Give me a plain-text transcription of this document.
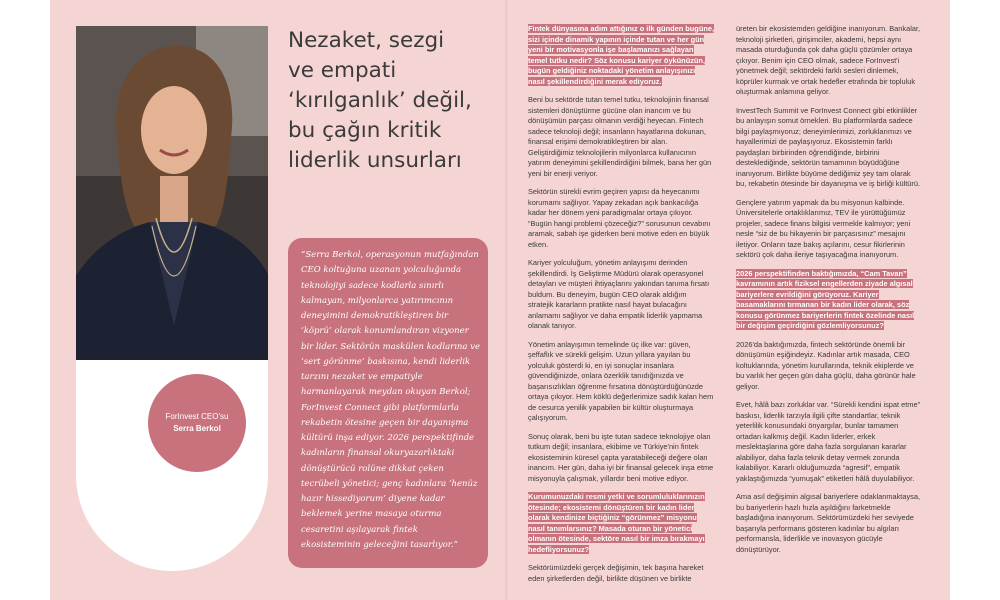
ForInvest CEO'su
Serra Berkol
Nezaket, sezgi
ve empati
‘kırılganlık’ değil,
bu çağın kritik
liderlik unsurları
“Serra Berkol, operasyonun mutfağından CEO koltuğuna uzanan yolculuğunda teknolojiyi sadece kodlarla sınırlı kalmayan, milyonlarca yatırımcının deneyimini demokratikleştiren bir ‘köprü’ olarak konumlandıran vizyoner bir lider. Sektörün maskülen kodlarına ve ‘sert görünme’ baskısına, kendi liderlik tarzını nezaket ve empatiyle harmanlayarak meydan okuyan Berkol; ForInvest Connect gibi platformlarla rekabetin ötesine geçen bir dayanışma kültürü inşa ediyor. 2026 perspektifinde kadınların finansal okuryazarlıktaki dönüştürücü rolüne dikkat çeken tecrübeli yönetici; genç kadınlara ‘henüz hazır hissediyorum’ diyene kadar beklemek yerine masaya oturma cesaretini aşılayarak fintek ekosisteminin geleceğini tasarlıyor.”

Fintek dünyasına adım attığınız o ilk günden bugüne, sizi içinde dinamik yapının içinde tutan ve her gün yeni bir motivasyonla işe başlamanızı sağlayan temel tutku nedir? Söz konusu kariyer öykünüzün, bugün geldiğiniz noktadaki yönetim anlayışınızı nasıl şekillendirdiğini merak ediyoruz.

Beni bu sektörde tutan temel tutku, teknolojinin finansal sistemleri dönüştürme gücüne olan inancım ve bu dönüşümün parçası olmanın verdiği heyecan. Fintech sadece teknoloji değil; insanların hayatlarına dokunan, finansal erişimi demokratikleştiren bir alan. Geliştirdiğimiz teknolojilerin milyonlarca kullanıcının yatırım deneyimini şekillendirdiğini bilmek, bana her gün yeni bir enerji veriyor.

Sektörün sürekli evrim geçiren yapısı da heyecanımı korumamı sağlıyor. Yapay zekadan açık bankacılığa kadar her dönem yeni paradigmalar ortaya çıkıyor. “Bugün hangi problemi çözeceğiz?” sorusunun cevabını aramak, sabah işe giderken beni motive eden en büyük etken.

Kariyer yolculuğum, yönetim anlayışımı derinden şekillendirdi. İş Geliştirme Müdürü olarak operasyonel detayları ve müşteri ihtiyaçlarını yakından tanıma fırsatı buldum. Bu deneyim, bugün CEO olarak aldığım stratejik kararların pratikte nasıl hayat bulacağını anlamamı sağlıyor ve daha empatik liderlik yapmama olanak tanıyor.

Yönetim anlayışımın temelinde üç ilke var: güven, şeffaflık ve sürekli gelişim. Uzun yıllara yayılan bu yolculuk gösterdi ki, en iyi sonuçlar insanlara güvendiğinizde, onlara özerklik tanıdığınızda ve başarısızlıkları öğrenme fırsatına dönüştürdüğünüzde ortaya çıkıyor. Hem köklü değerlerimize sadık kalan hem de cesurca yenilik yapabilen bir kültür oluşturmaya çalışıyorum.

Sonuç olarak, beni bu işte tutan sadece teknolojiye olan tutkum değil; insanlara, ekibime ve Türkiye'nin fintek ekosisteminin küresel çapta yaratabileceği değere olan inancım. Her gün, daha iyi bir finansal gelecek inşa etme misyonuyla çalışmak, yıllardır beni motive ediyor.

Kurumunuzdaki resmi yetki ve sorumluluklarınızın ötesinde; ekosistemi dönüştüren bir kadın lider olarak kendinize biçtiğiniz “görünmez” misyonu nasıl tanımlarsınız? Masada oturan bir yönetici olmanın ötesinde, sektöre nasıl bir imza bırakmayı hedefliyorsunuz?

Sektörümüzdeki gerçek değişimin, tek başına hareket eden şirketlerden değil, birlikte düşünen ve birlikte

üreten bir ekosistemden geldiğine inanıyorum. Bankalar, teknoloji şirketleri, girişimciler, akademi, hepsi aynı masada oturduğunda çok daha güçlü çözümler ortaya çıkıyor. Benim için CEO olmak, sadece ForInvest'i yönetmek değil; sektördeki farklı sesleri dinlemek, köprüler kurmak ve ortak hedefler etrafında bir topluluk oluşturmak anlamına geliyor.

InvestTech Summit ve ForInvest Connect gibi etkinlikler bu anlayışın somut örnekleri. Bu platformlarda sadece bilgi paylaşmıyoruz; deneyimlerimizi, zorluklarımızı ve hayallerimizi de paylaşıyoruz. Ekosistemin farklı paydaşları birbirinden öğrendiğinde, birbirini desteklediğinde, sektörün tamamının büyüdüğüne inanıyorum. Birlikte büyüme dediğimiz şey tam olarak bu, rekabetin ötesinde bir dayanışma ve iş birliği kültürü.

Gençlere yatırım yapmak da bu misyonun kalbinde. Üniversitelerle ortaklıklarımız, TEV ile yürüttüğümüz projeler, sadece finans bilgisi vermekle kalmıyor; yeni nesle “siz de bu hikayenin bir parçasısınız” mesajını iletiyor. Onların taze bakış açılarını, cesur fikirlerinin sektörü çok daha ileriye taşıyacağına inanıyorum.

2026 perspektifinden baktığımızda, “Cam Tavan” kavramının artık fiziksel engellerden ziyade algısal bariyerlere evrildiğini görüyoruz. Kariyer basamaklarını tırmanan bir kadın lider olarak, söz konusu görünmez bariyerlerin fintek özelinde nasıl bir değişim geçirdiğini gözlemliyorsunuz?

2026'da baktığımızda, fintech sektöründe önemli bir dönüşümün eşiğindeyiz. Kadınlar artık masada, CEO koltuklarında, yönetim kurullarında, teknik ekiplerde ve bu varlık her geçen gün daha güçlü, daha görünür hale geliyor.

Evet, hâlâ bazı zorluklar var. “Sürekli kendini ispat etme” baskısı, liderlik tarzıyla ilgili çifte standartlar, teknik yeterlilik konusundaki önyargılar, bunlar tamamen ortadan kalkmış değil. Kadın liderler, erkek meslektaşlarına göre daha fazla sorgulanan kararlar alabiliyor, daha fazla teknik detay vermek zorunda kalabiliyor. Kararlı olduğumuzda “agresif”, empatik yaklaştığımızda “yumuşak” etiketleri hâlâ duyulabiliyor.

Ama asıl değişimin algısal bariyerlere odaklanmaktaysa, bu bariyerlerin hazlı hızla aşıldığını farketmekle başladığına inanıyorum. Sektörümüzdeki her seviyede başarıyla performans gösteren kadınlar bu algıları performansla, liderlikle ve inovasyon gücüyle dönüştürüyor.
